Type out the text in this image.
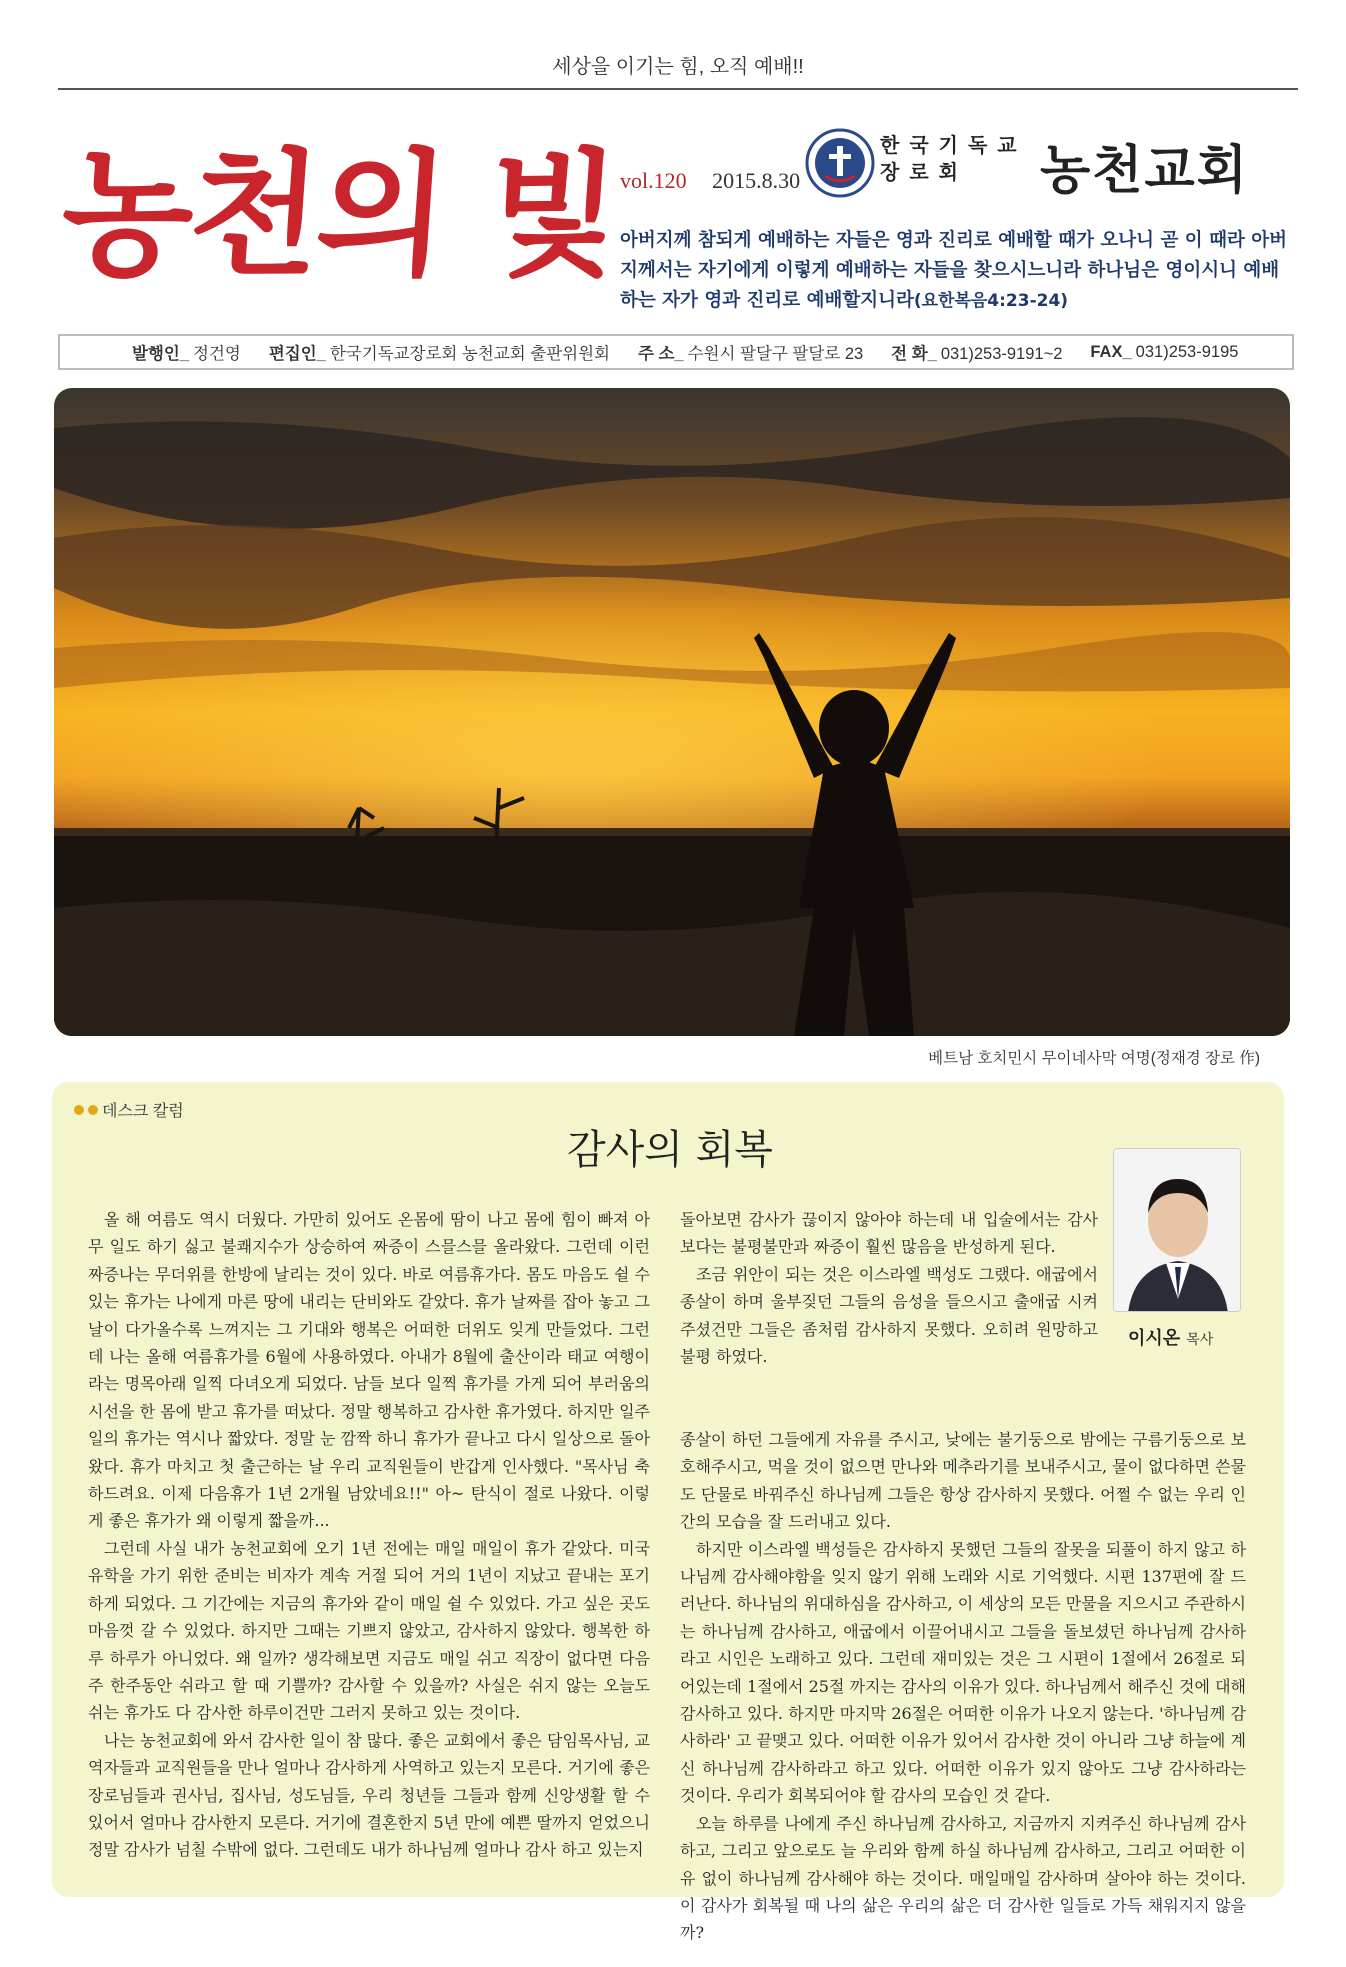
세상을 이기는 힘, 오직 예배!!
농천의 빛 vol.120 2015.8.30
한국기독교장로회	농천교회
아버지께 참되게 예배하는 자들은 영과 진리로 예배할 때가 오나니 곧 이 때라 아버지께서는 자기에게 이렇게 예배하는 자들을 찾으시느니라 하나님은 영이시니 예배하는 자가 영과 진리로 예배할지니라(요한복음4:23-24)
발행인_ 정건영 편집인_ 한국기독교장로회 농천교회 출판위원회 주 소_ 수원시 팔달구 팔달로 23 전 화_ 031)253-9191~2 FAX_ 031)253-9195
베트남 호치민시 무이네사막 여명(정재경 장로 作)
데스크 칼럼
감사의 회복
이시온 목사

올 해 여름도 역시 더웠다. 가만히 있어도 온몸에 땀이 나고 몸에 힘이 빠져 아무 일도 하기 싫고 불쾌지수가 상승하여 짜증이 스믈스믈 올라왔다. 그런데 이런 짜증나는 무더위를 한방에 날리는 것이 있다. 바로 여름휴가다. 몸도 마음도 쉴 수 있는 휴가는 나에게 마른 땅에 내리는 단비와도 같았다. 휴가 날짜를 잡아 놓고 그날이 다가올수록 느껴지는 그 기대와 행복은 어떠한 더위도 잊게 만들었다. 그런데 나는 올해 여름휴가를 6월에 사용하였다. 아내가 8월에 출산이라 태교 여행이라는 명목아래 일찍 다녀오게 되었다. 남들 보다 일찍 휴가를 가게 되어 부러움의 시선을 한 몸에 받고 휴가를 떠났다. 정말 행복하고 감사한 휴가였다. 하지만 일주일의 휴가는 역시나 짧았다. 정말 눈 깜짝 하니 휴가가 끝나고 다시 일상으로 돌아왔다. 휴가 마치고 첫 출근하는 날 우리 교직원들이 반갑게 인사했다. "목사님 축하드려요. 이제 다음휴가 1년 2개월 남았네요!!" 아~ 탄식이 절로 나왔다. 이렇게 좋은 휴가가 왜 이렇게 짧을까...

그런데 사실 내가 농천교회에 오기 1년 전에는 매일 매일이 휴가 같았다. 미국 유학을 가기 위한 준비는 비자가 계속 거절 되어 거의 1년이 지났고 끝내는 포기 하게 되었다. 그 기간에는 지금의 휴가와 같이 매일 쉴 수 있었다. 가고 싶은 곳도 마음껏 갈 수 있었다. 하지만 그때는 기쁘지 않았고, 감사하지 않았다. 행복한 하루 하루가 아니었다. 왜 일까? 생각해보면 지금도 매일 쉬고 직장이 없다면 다음주 한주동안 쉬라고 할 때 기쁠까? 감사할 수 있을까? 사실은 쉬지 않는 오늘도 쉬는 휴가도 다 감사한 하루이건만 그러지 못하고 있는 것이다.

나는 농천교회에 와서 감사한 일이 참 많다. 좋은 교회에서 좋은 담임목사님, 교역자들과 교직원들을 만나 얼마나 감사하게 사역하고 있는지 모른다. 거기에 좋은 장로님들과 권사님, 집사님, 성도님들, 우리 청년들 그들과 함께 신앙생활 할 수 있어서 얼마나 감사한지 모른다. 거기에 결혼한지 5년 만에 예쁜 딸까지 얻었으니 정말 감사가 넘칠 수밖에 없다. 그런데도 내가 하나님께 얼마나 감사 하고 있는지

돌아보면 감사가 끊이지 않아야 하는데 내 입술에서는 감사보다는 불평불만과 짜증이 훨씬 많음을 반성하게 된다.

조금 위안이 되는 것은 이스라엘 백성도 그랬다. 애굽에서 종살이 하며 울부짖던 그들의 음성을 들으시고 출애굽 시켜 주셨건만 그들은 좀처럼 감사하지 못했다. 오히려 원망하고 불평 하였다.

종살이 하던 그들에게 자유를 주시고, 낮에는 불기둥으로 밤에는 구름기둥으로 보호해주시고, 먹을 것이 없으면 만나와 메추라기를 보내주시고, 물이 없다하면 쓴물도 단물로 바꿔주신 하나님께 그들은 항상 감사하지 못했다. 어쩔 수 없는 우리 인간의 모습을 잘 드러내고 있다.

하지만 이스라엘 백성들은 감사하지 못했던 그들의 잘못을 되풀이 하지 않고 하나님께 감사해야함을 잊지 않기 위해 노래와 시로 기억했다. 시편 137편에 잘 드러난다. 하나님의 위대하심을 감사하고, 이 세상의 모든 만물을 지으시고 주관하시는 하나님께 감사하고, 애굽에서 이끌어내시고 그들을 돌보셨던 하나님께 감사하라고 시인은 노래하고 있다. 그런데 재미있는 것은 그 시편이 1절에서 26절로 되어있는데 1절에서 25절 까지는 감사의 이유가 있다. 하나님께서 해주신 것에 대해 감사하고 있다. 하지만 마지막 26절은 어떠한 이유가 나오지 않는다. '하나님께 감사하라' 고 끝맺고 있다. 어떠한 이유가 있어서 감사한 것이 아니라 그냥 하늘에 계신 하나님께 감사하라고 하고 있다. 어떠한 이유가 있지 않아도 그냥 감사하라는 것이다. 우리가 회복되어야 할 감사의 모습인 것 같다.

오늘 하루를 나에게 주신 하나님께 감사하고, 지금까지 지켜주신 하나님께 감사하고, 그리고 앞으로도 늘 우리와 함께 하실 하나님께 감사하고, 그리고 어떠한 이유 없이 하나님께 감사해야 하는 것이다. 매일매일 감사하며 살아야 하는 것이다. 이 감사가 회복될 때 나의 삶은 우리의 삶은 더 감사한 일들로 가득 채워지지 않을까?
